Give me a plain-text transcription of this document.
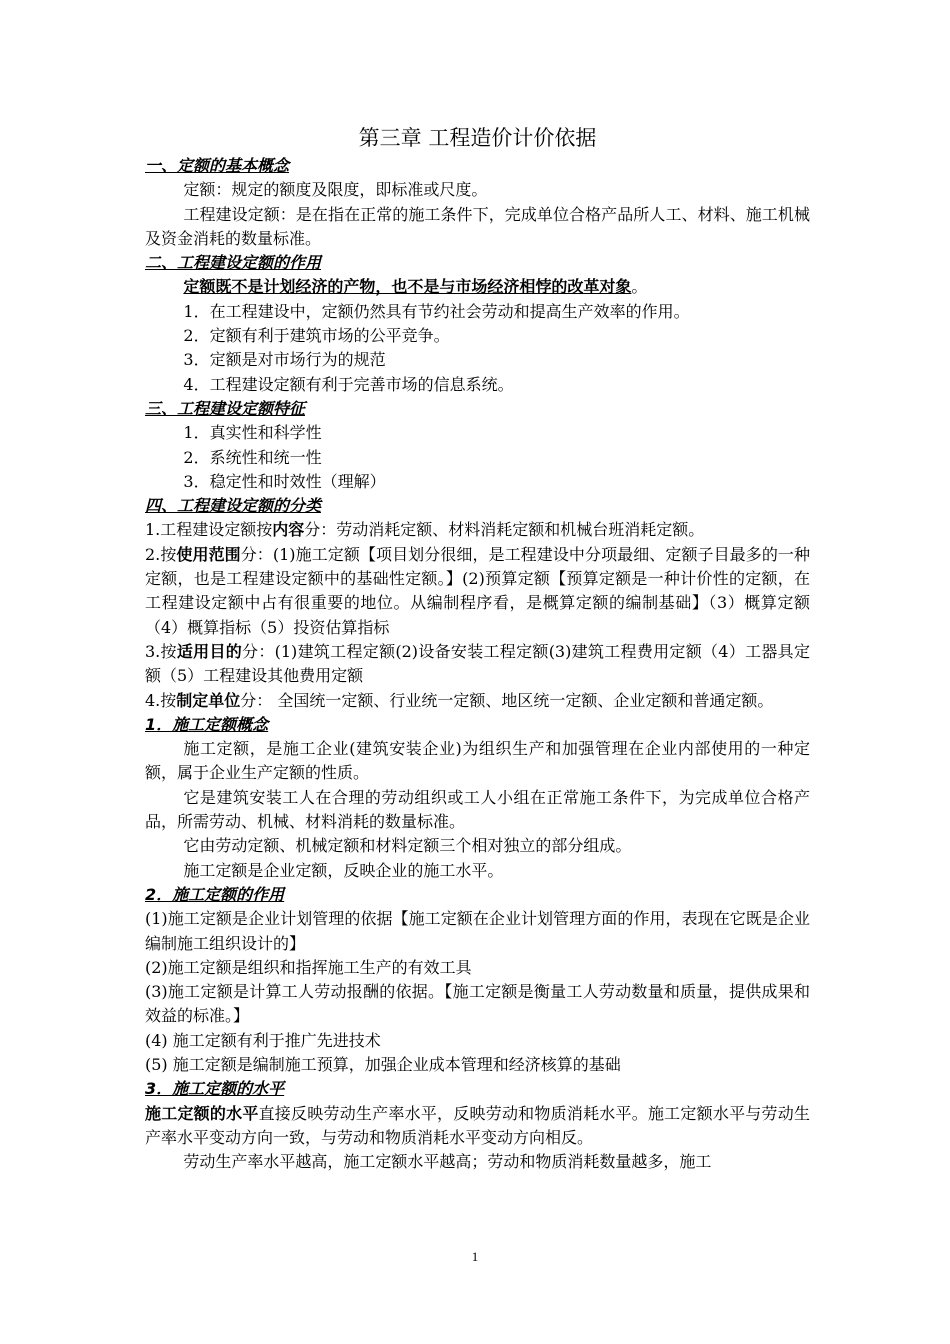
第三章 工程造价计价依据
一、定额的基本概念

定额：规定的额度及限度，即标准或尺度。

工程建设定额：是在指在正常的施工条件下，完成单位合格产品所人工、材料、施工机械及资金消耗的数量标准。

二、工程建设定额的作用

定额既不是计划经济的产物，也不是与市场经济相悖的改革对象。

1．在工程建设中，定额仍然具有节约社会劳动和提高生产效率的作用。

2．定额有利于建筑市场的公平竞争。

3．定额是对市场行为的规范

4．工程建设定额有利于完善市场的信息系统。

三、工程建设定额特征

1．真实性和科学性

2．系统性和统一性

3．稳定性和时效性（理解）

四、工程建设定额的分类

1.工程建设定额按内容分：劳动消耗定额、材料消耗定额和机械台班消耗定额。

2.按使用范围分：(1)施工定额【项目划分很细，是工程建设中分项最细、定额子目最多的一种定额，也是工程建设定额中的基础性定额。】(2)预算定额【预算定额是一种计价性的定额，在工程建设定额中占有很重要的地位。从编制程序看，是概算定额的编制基础】（3）概算定额（4）概算指标（5）投资估算指标

3.按适用目的分：(1)建筑工程定额(2)设备安装工程定额(3)建筑工程费用定额（4）工器具定额（5）工程建设其他费用定额

4.按制定单位分： 全国统一定额、行业统一定额、地区统一定额、企业定额和普通定额。

1．施工定额概念

施工定额，是施工企业(建筑安装企业)为组织生产和加强管理在企业内部使用的一种定额，属于企业生产定额的性质。

它是建筑安装工人在合理的劳动组织或工人小组在正常施工条件下，为完成单位合格产品，所需劳动、机械、材料消耗的数量标准。

它由劳动定额、机械定额和材料定额三个相对独立的部分组成。

施工定额是企业定额，反映企业的施工水平。

2．施工定额的作用

(1)施工定额是企业计划管理的依据【施工定额在企业计划管理方面的作用，表现在它既是企业编制施工组织设计的】

(2)施工定额是组织和指挥施工生产的有效工具

(3)施工定额是计算工人劳动报酬的依据。【施工定额是衡量工人劳动数量和质量，提供成果和效益的标准。】

(4) 施工定额有利于推广先进技术

(5) 施工定额是编制施工预算，加强企业成本管理和经济核算的基础

3．施工定额的水平

施工定额的水平直接反映劳动生产率水平，反映劳动和物质消耗水平。施工定额水平与劳动生产率水平变动方向一致，与劳动和物质消耗水平变动方向相反。

劳动生产率水平越高，施工定额水平越高；劳动和物质消耗数量越多，施工

1
